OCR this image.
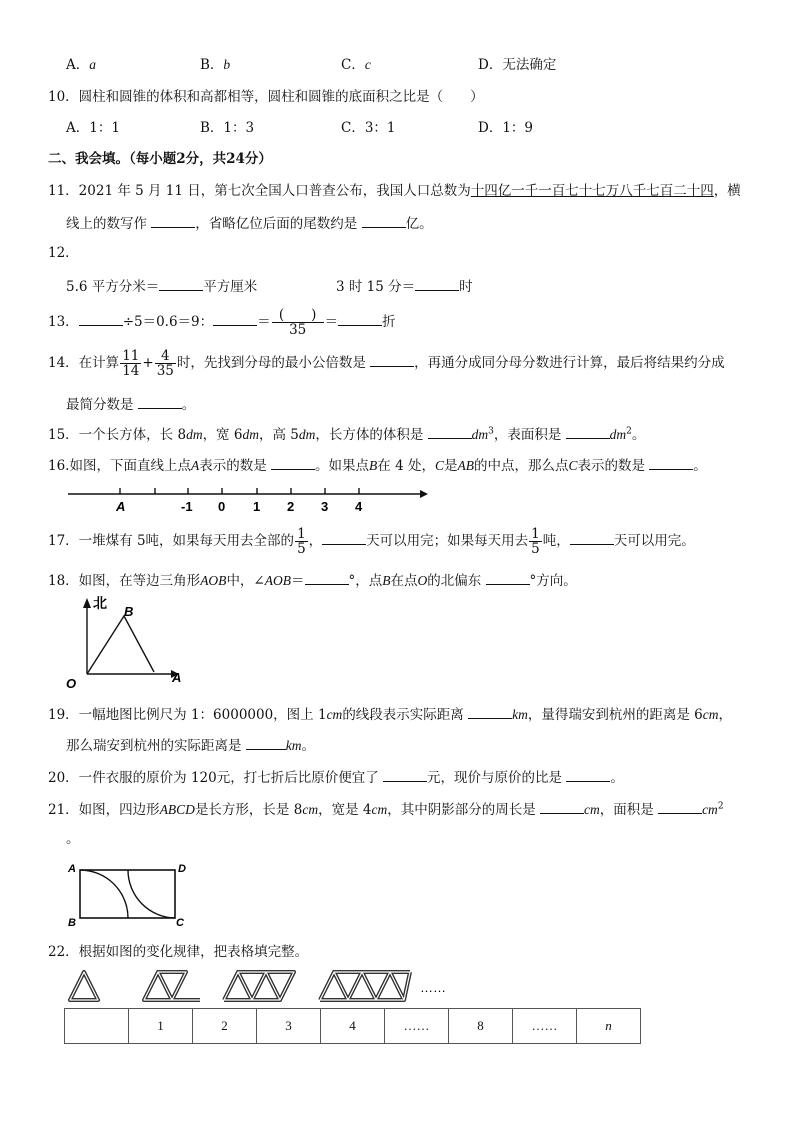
A．a	B．b	C．c	D．无法确定
10．圆柱和圆锥的体积和高都相等，圆柱和圆锥的底面积之比是（　　）
A．1：1	B．1：3	C．3：1	D．1：9
二、我会填。（每小题2分，共24分）
11．2021 年 5 月 11 日，第七次全国人口普查公布，我国人口总数为十四亿一千一百七十七万八千七百二十四，横
线上的数写作	，省略亿位后面的尾数约是	亿。
12．
5.6 平方分米＝	平方厘米	3 时 15 分＝	时
13．	÷5＝0.6＝9：	＝ $\frac{( )}{35}$ ＝	折
14．在计算 $\frac{11}{14} + \frac{4}{35}$ 时，先找到分母的最小公倍数是	，再通分成同分母分数进行计算，最后将结果约分成
最简分数是	。
15．一个长方体，长 8dm，宽 6dm，高 5dm，长方体的体积是	$dm^3$，表面积是	$dm^2$。
16.如图，下面直线上点A表示的数是	。如果点B在 4 处，C是AB的中点，那么点C表示的数是	。
A	-1 0 1 2 3 4
17．一堆煤有 5吨，如果每天用去全部的 $\frac{1}{5}$ ，	天可以用完；如果每天用去 $\frac{1}{5}$ 吨，	天可以用完。
18．如图，在等边三角形AOB中，∠AOB＝	°，点B在点O的北偏东	°方向。
北
B
O	A
19．一幅地图比例尺为 1：6000000，图上 1cm的线段表示实际距离	km，量得瑞安到杭州的距离是 6cm，
那么瑞安到杭州的实际距离是	km。
20．一件衣服的原价为 120元，打七折后比原价便宜了	元，现价与原价的比是	。
21．如图，四边形ABCD是长方形，长是 8cm，宽是 4cm，其中阴影部分的周长是	cm，面积是	$cm^2$
。
A	D
B	C
22．根据如图的变化规律，把表格填完整。
……
	1	2	3	4	……	8	……	n
